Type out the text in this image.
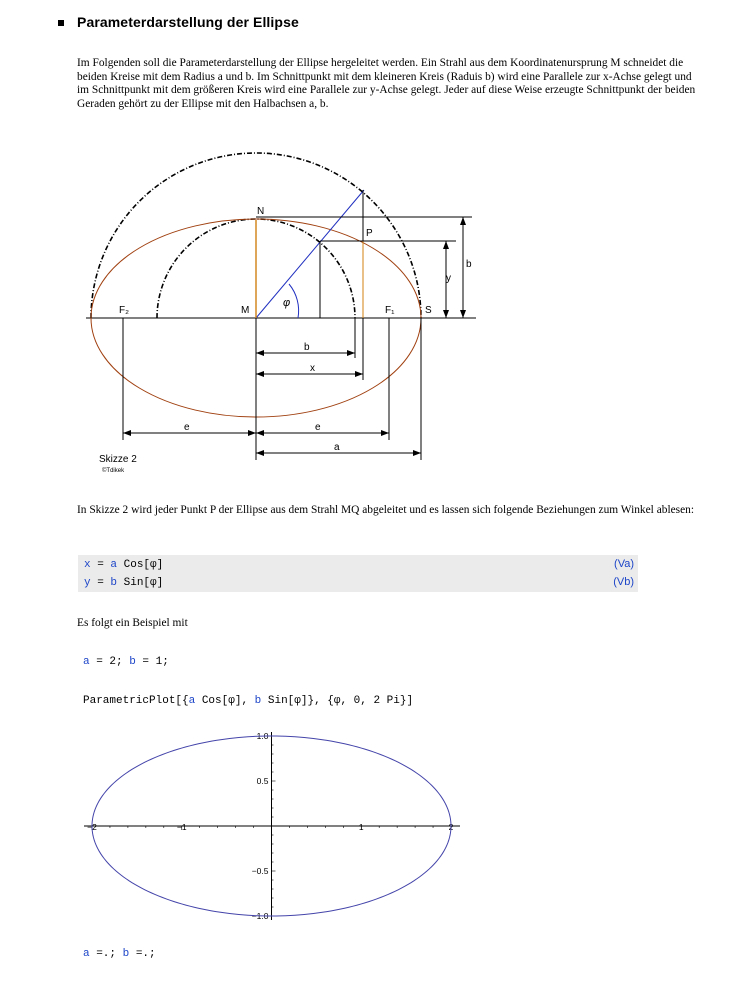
Parameterdarstellung der Ellipse
Im Folgenden soll die Parameterdarstellung der Ellipse hergeleitet werden. Ein Strahl aus dem Koordinatenursprung M schneidet die beiden Kreise mit dem Radius a und b. Im Schnittpunkt mit dem kleineren Kreis (Raduis b) wird eine Parallele zur x-Achse gelegt und im Schnittpunkt mit dem größeren Kreis wird eine Parallele zur y-Achse gelegt. Jeder auf diese Weise erzeugte Schnittpunkt der beiden Geraden gehört zu der Ellipse mit den Halbachsen a, b.
N
P
M
F₂	F₁	S
φ
b
y
b
x
e	e
a
Skizze 2
©Tdikek
In Skizze 2 wird jeder Punkt P der Ellipse aus dem Strahl MQ abgeleitet und es lassen sich folgende Beziehungen zum Winkel ablesen:
x = a Cos[φ]	(Va)
y = b Sin[φ]	(Vb)
Es folgt ein Beispiel mit
a = 2; b = 1;
ParametricPlot[{a Cos[φ], b Sin[φ]}, {φ, 0, 2 Pi}]
−2	−1	1	2
1.0
0.5
−0.5
−1.0
a =.; b =.;
